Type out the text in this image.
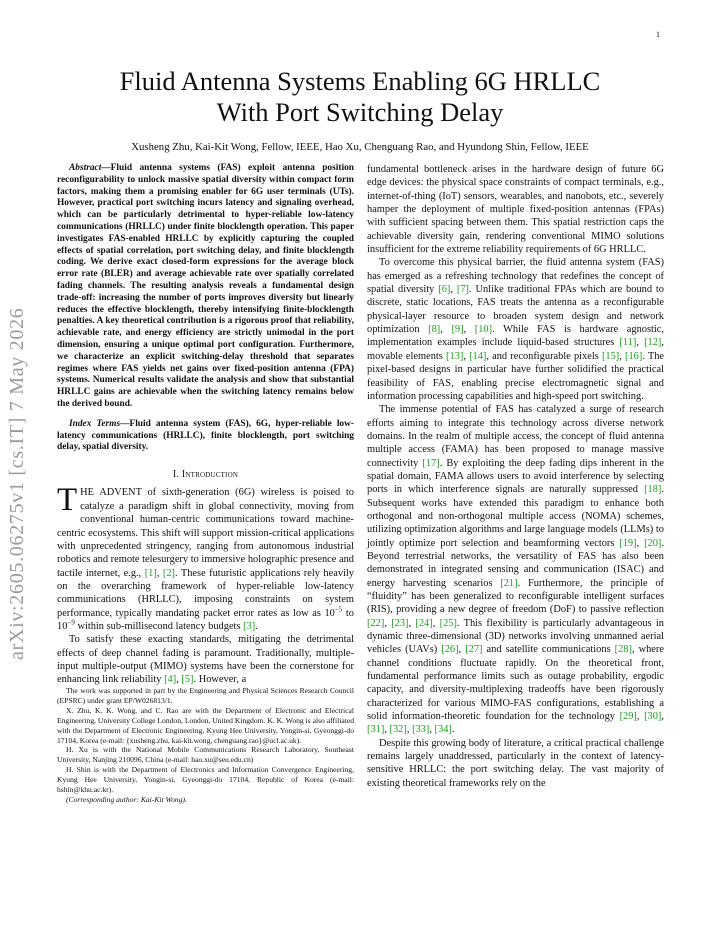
1
arXiv:2605.06275v1 [cs.IT] 7 May 2026
Fluid Antenna Systems Enabling 6G HRLLC
With Port Switching Delay
Xusheng Zhu, Kai-Kit Wong, Fellow, IEEE, Hao Xu, Chenguang Rao, and Hyundong Shin, Fellow, IEEE

Abstract—Fluid antenna systems (FAS) exploit antenna position reconfigurability to unlock massive spatial diversity within compact form factors, making them a promising enabler for 6G user terminals (UTs). However, practical port switching incurs latency and signaling overhead, which can be particularly detrimental to hyper-reliable low-latency communications (HRLLC) under finite blocklength operation. This paper investigates FAS-enabled HRLLC by explicitly capturing the coupled effects of spatial correlation, port switching delay, and finite blocklength coding. We derive exact closed-form expressions for the average block error rate (BLER) and average achievable rate over spatially correlated fading channels. The resulting analysis reveals a fundamental design trade-off: increasing the number of ports improves diversity but linearly reduces the effective blocklength, thereby intensifying finite-blocklength penalties. A key theoretical contribution is a rigorous proof that reliability, achievable rate, and energy efficiency are strictly unimodal in the port dimension, ensuring a unique optimal port configuration. Furthermore, we characterize an explicit switching-delay threshold that separates regimes where FAS yields net gains over fixed-position antenna (FPA) systems. Numerical results validate the analysis and show that substantial HRLLC gains are achievable when the switching latency remains below the derived bound.

Index Terms—Fluid antenna system (FAS), 6G, hyper-reliable low-latency communications (HRLLC), finite blocklength, port switching delay, spatial diversity.

I. Introduction

THE ADVENT of sixth-generation (6G) wireless is poised to catalyze a paradigm shift in global connectivity, moving from conventional human-centric communications toward machine-centric ecosystems. This shift will support mission-critical applications with unprecedented stringency, ranging from autonomous industrial robotics and remote telesurgery to immersive holographic presence and tactile internet, e.g., [1], [2]. These futuristic applications rely heavily on the overarching framework of hyper-reliable low-latency communications (HRLLC), imposing constraints on system performance, typically mandating packet error rates as low as $10^{-5}$ to $10^{-9}$ within sub-millisecond latency budgets [3].

To satisfy these exacting standards, mitigating the detrimental effects of deep channel fading is paramount. Traditionally, multiple-input multiple-output (MIMO) systems have been the cornerstone for enhancing link reliability [4], [5]. However, a

The work was supported in part by the Engineering and Physical Sciences Research Council (EPSRC) under grant EP/W026813/1.

X. Zhu, K. K. Wong, and C. Rao are with the Department of Electronic and Electrical Engineering, University College London, London, United Kingdom. K. K. Wong is also affiliated with the Department of Electronic Engineering, Kyung Hee University, Yongin-si, Gyeonggi-do 17104, Korea (e-mail: {xusheng.zhu, kai-kit.wong, chenguang.rao}@ucl.ac.uk).

H. Xu is with the National Mobile Communications Research Laboratory, Southeast University, Nanjing 210096, China (e-mail: hao.xu@seu.edu.cn)

H. Shin is with the Department of Electronics and Information Convergence Engineering, Kyung Hee University, Yongin-si, Gyeonggi-do 17104, Republic of Korea (e-mail: hshin@khu.ac.kr).

(Corresponding author: Kai-Kit Wong).

fundamental bottleneck arises in the hardware design of future 6G edge devices: the physical space constraints of compact terminals, e.g., internet-of-thing (IoT) sensors, wearables, and nanobots, etc., severely hamper the deployment of multiple fixed-position antennas (FPAs) with sufficient spacing between them. This spatial restriction caps the achievable diversity gain, rendering conventional MIMO solutions insufficient for the extreme reliability requirements of 6G HRLLC.

To overcome this physical barrier, the fluid antenna system (FAS) has emerged as a refreshing technology that redefines the concept of spatial diversity [6], [7]. Unlike traditional FPAs which are bound to discrete, static locations, FAS treats the antenna as a reconfigurable physical-layer resource to broaden system design and network optimization [8], [9], [10]. While FAS is hardware agnostic, implementation examples include liquid-based structures [11], [12], movable elements [13], [14], and reconfigurable pixels [15], [16]. The pixel-based designs in particular have further solidified the practical feasibility of FAS, enabling precise electromagnetic signal and information processing capabilities and high-speed port switching.

The immense potential of FAS has catalyzed a surge of research efforts aiming to integrate this technology across diverse network domains. In the realm of multiple access, the concept of fluid antenna multiple access (FAMA) has been proposed to manage massive connectivity [17]. By exploiting the deep fading dips inherent in the spatial domain, FAMA allows users to avoid interference by selecting ports in which interference signals are naturally suppressed [18]. Subsequent works have extended this paradigm to enhance both orthogonal and non-orthogonal multiple access (NOMA) schemes, utilizing optimization algorithms and large language models (LLMs) to jointly optimize port selection and beamforming vectors [19], [20]. Beyond terrestrial networks, the versatility of FAS has also been demonstrated in integrated sensing and communication (ISAC) and energy harvesting scenarios [21]. Furthermore, the principle of “fluidity” has been generalized to reconfigurable intelligent surfaces (RIS), providing a new degree of freedom (DoF) to passive reflection [22], [23], [24], [25]. This flexibility is particularly advantageous in dynamic three-dimensional (3D) networks involving unmanned aerial vehicles (UAVs) [26], [27] and satellite communications [28], where channel conditions fluctuate rapidly. On the theoretical front, fundamental performance limits such as outage probability, ergodic capacity, and diversity-multiplexing tradeoffs have been rigorously characterized for various MIMO-FAS configurations, establishing a solid information-theoretic foundation for the technology [29], [30], [31], [32], [33], [34].

Despite this growing body of literature, a critical practical challenge remains largely unaddressed, particularly in the context of latency-sensitive HRLLC: the port switching delay. The vast majority of existing theoretical frameworks rely on the
